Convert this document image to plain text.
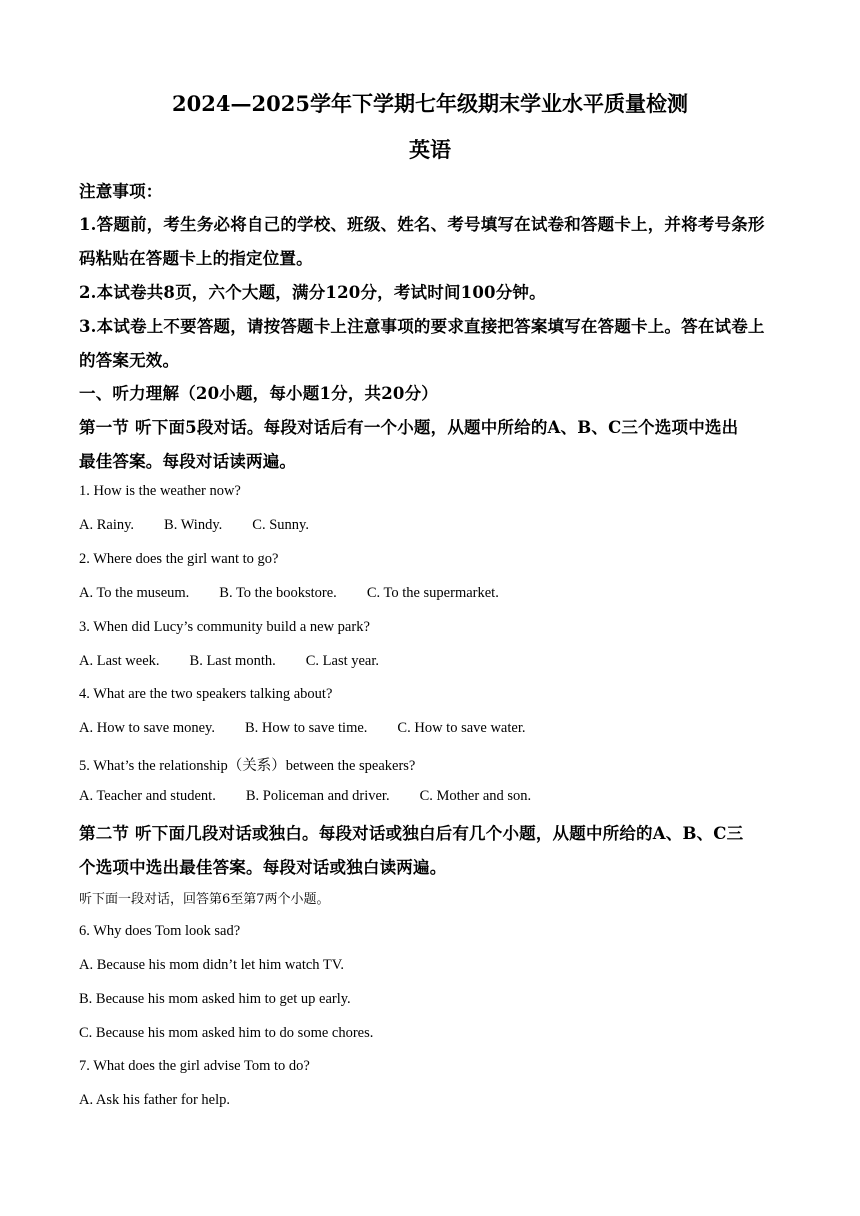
2024—2025学年下学期七年级期末学业水平质量检测
英语
注意事项：
1.答题前，考生务必将自己的学校、班级、姓名、考号填写在试卷和答题卡上，并将考号条形
码粘贴在答题卡上的指定位置。
2.本试卷共8页，六个大题，满分120分，考试时间100分钟。
3.本试卷上不要答题，请按答题卡上注意事项的要求直接把答案填写在答题卡上。答在试卷上
的答案无效。
一、听力理解（20小题，每小题1分，共20分）
第一节 听下面5段对话。每段对话后有一个小题，从题中所给的A、B、C三个选项中选出
最佳答案。每段对话读两遍。
1. How is the weather now?
A. Rainy. B. Windy. C. Sunny.
2. Where does the girl want to go?
A. To the museum. B. To the bookstore. C. To the supermarket.
3. When did Lucy’s community build a new park?
A. Last week. B. Last month. C. Last year.
4. What are the two speakers talking about?
A. How to save money. B. How to save time. C. How to save water.
5. What’s the relationship（关系）between the speakers?
A. Teacher and student. B. Policeman and driver. C. Mother and son.
第二节 听下面几段对话或独白。每段对话或独白后有几个小题，从题中所给的A、B、C三
个选项中选出最佳答案。每段对话或独白读两遍。
听下面一段对话，回答第6至第7两个小题。
6. Why does Tom look sad?
A. Because his mom didn’t let him watch TV.
B. Because his mom asked him to get up early.
C. Because his mom asked him to do some chores.
7. What does the girl advise Tom to do?
A. Ask his father for help.
